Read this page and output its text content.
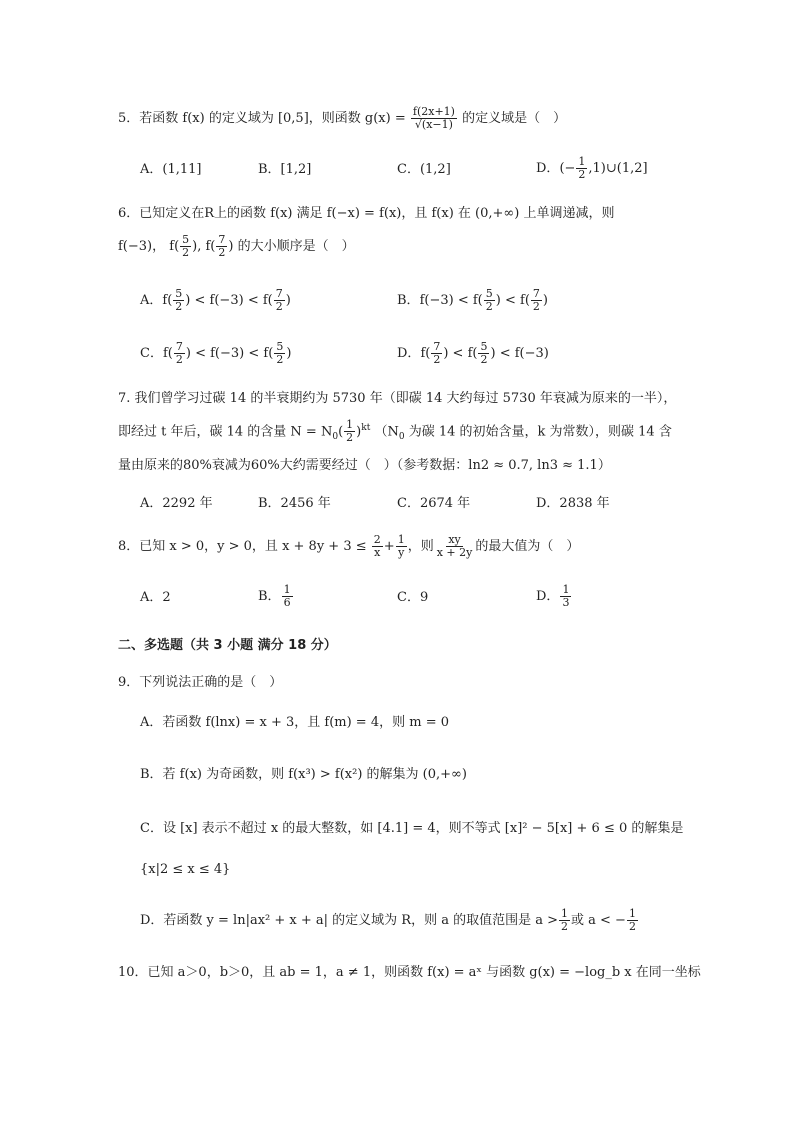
5．若函数 f(x) 的定义域为 [0,5]，则函数 $g(x) = \frac{f(2x+1)}{√(x-1)}$ 的定义域是（　）
A．(1,11]	B．[1,2]	C．(1,2]	D．(− $\frac{1}{2}$ ,1)∪(1,2]
6．已知定义在R上的函数 f(x) 满足 f(−x) = f(x)，且 f(x) 在 (0,+∞) 上单调递减，则
f(−3)， $f( \frac{5}{2}$ ), $f( \frac{7}{2}$ ) 的大小顺序是（　）
A．$f( \frac{5}{2}$ ) < $f(-3) < f( \frac{7}{2}$ )	B．$f(-3) < f( \frac{5}{2}$ ) < $f( \frac{7}{2}$ )
C．$f( \frac{7}{2}$ ) < $f(-3) < f( \frac{5}{2}$ )	D．$f( \frac{7}{2}$ ) < $f( \frac{5}{2}$ ) < f(−3)
7. 我们曾学习过碳 14 的半衰期约为 5730 年（即碳 14 大约每过 5730 年衰减为原来的一半），
即经过 t 年后，碳 14 的含量 $N = N_0( \frac{1}{2} )^{kt}$ （$N_0$ 为碳 14 的初始含量，k 为常数），则碳 14 含
量由原来的80%衰减为60%大约需要经过（　）（参考数据：ln2 ≈ 0.7, ln3 ≈ 1.1）
A．2292 年	B．2456 年	C．2674 年	D．2838 年
8．已知 x > 0，y > 0，且 $x + 8y + 3 \le \frac{2}{x} + \frac{1}{y}$ ，则 $\frac{xy}{x + 2y}$ 的最大值为（　）
A．2	B． $\frac{1}{6}$	C．9	D． $\frac{1}{3}$
二、多选题（共 3 小题 满分 18 分）
9．下列说法正确的是（　）
A．若函数 f(lnx) = x + 3，且 f(m) = 4，则 m = 0
B．若 f(x) 为奇函数，则 f(x³) > f(x²) 的解集为 (0,+∞)
C．设 [x] 表示不超过 x 的最大整数，如 [4.1] = 4，则不等式 [x]² − 5[x] + 6 ≤ 0 的解集是
{x|2 ≤ x ≤ 4}
D．若函数 y = ln|ax² + x + a| 的定义域为 R，则 a 的取值范围是 $a > \frac{1}{2}$ 或 a < − $\frac{1}{2}$
10．已知 a＞0，b＞0，且 ab = 1，a ≠ 1，则函数 f(x) = aˣ 与函数 g(x) = −log_b x 在同一坐标
